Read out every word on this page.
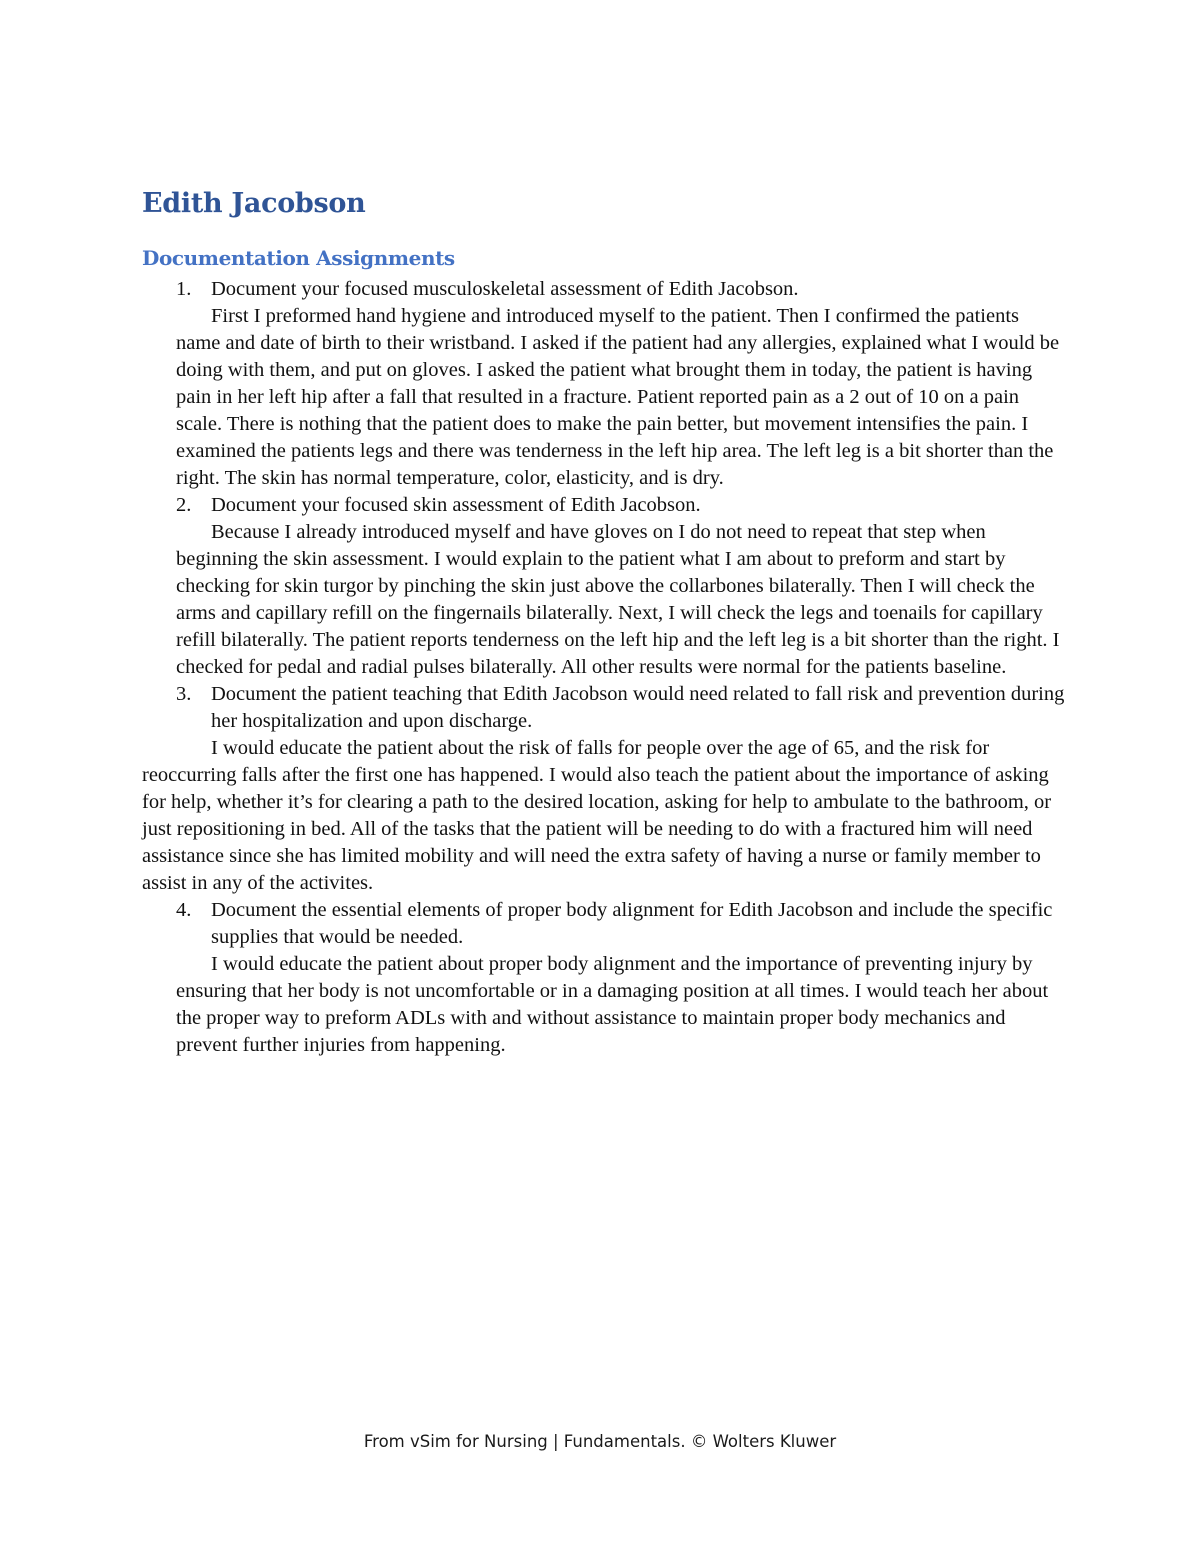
Edith Jacobson
Documentation Assignments
1. Document your focused musculoskeletal assessment of Edith Jacobson.

First I preformed hand hygiene and introduced myself to the patient. Then I confirmed the patients name and date of birth to their wristband. I asked if the patient had any allergies, explained what I would be doing with them, and put on gloves. I asked the patient what brought them in today, the patient is having pain in her left hip after a fall that resulted in a fracture. Patient reported pain as a 2 out of 10 on a pain scale. There is nothing that the patient does to make the pain better, but movement intensifies the pain. I examined the patients legs and there was tenderness in the left hip area. The left leg is a bit shorter than the right. The skin has normal temperature, color, elasticity, and is dry.

2. Document your focused skin assessment of Edith Jacobson.

Because I already introduced myself and have gloves on I do not need to repeat that step when beginning the skin assessment. I would explain to the patient what I am about to preform and start by checking for skin turgor by pinching the skin just above the collarbones bilaterally. Then I will check the arms and capillary refill on the fingernails bilaterally. Next, I will check the legs and toenails for capillary refill bilaterally. The patient reports tenderness on the left hip and the left leg is a bit shorter than the right. I checked for pedal and radial pulses bilaterally. All other results were normal for the patients baseline.

3. Document the patient teaching that Edith Jacobson would need related to fall risk and prevention during her hospitalization and upon discharge.

I would educate the patient about the risk of falls for people over the age of 65, and the risk for reoccurring falls after the first one has happened. I would also teach the patient about the importance of asking for help, whether it’s for clearing a path to the desired location, asking for help to ambulate to the bathroom, or just repositioning in bed. All of the tasks that the patient will be needing to do with a fractured him will need assistance since she has limited mobility and will need the extra safety of having a nurse or family member to assist in any of the activites.

4. Document the essential elements of proper body alignment for Edith Jacobson and include the specific supplies that would be needed.

I would educate the patient about proper body alignment and the importance of preventing injury by ensuring that her body is not uncomfortable or in a damaging position at all times. I would teach her about the proper way to preform ADLs with and without assistance to maintain proper body mechanics and prevent further injuries from happening.

From vSim for Nursing | Fundamentals. © Wolters Kluwer
